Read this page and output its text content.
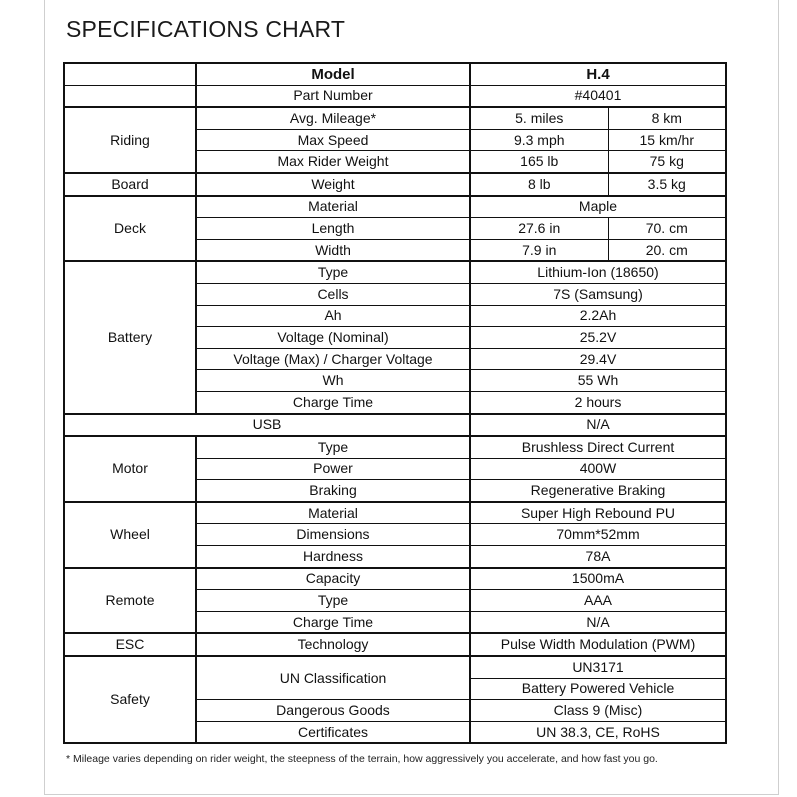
SPECIFICATIONS CHART
	Model	H.4	
	Part Number	#40401	
Riding	Avg. Mileage*	5. miles	8 km
	Max Speed	9.3 mph	15 km/hr
	Max Rider Weight	165 lb	75 kg
Board	Weight	8 lb	3.5 kg
Deck	Material	Maple	
	Length	27.6 in	70. cm
	Width	7.9 in	20. cm
Battery	Type	Lithium-Ion (18650)	
	Cells	7S (Samsung)	
	Ah	2.2Ah	
	Voltage (Nominal)	25.2V	
	Voltage (Max) / Charger Voltage	29.4V	
	Wh	55 Wh	
	Charge Time	2 hours	
USB		N/A	
Motor	Type	Brushless Direct Current	
	Power	400W	
	Braking	Regenerative Braking	
Wheel	Material	Super High Rebound PU	
	Dimensions	70mm*52mm	
	Hardness	78A	
Remote	Capacity	1500mA	
	Type	AAA	
	Charge Time	N/A	
ESC	Technology	Pulse Width Modulation (PWM)	
Safety	UN Classification	UN3171	
		Battery Powered Vehicle	
	Dangerous Goods	Class 9 (Misc)	
	Certificates	UN 38.3, CE, RoHS	
* Mileage varies depending on rider weight, the steepness of the terrain, how aggressively you accelerate, and how fast you go.
